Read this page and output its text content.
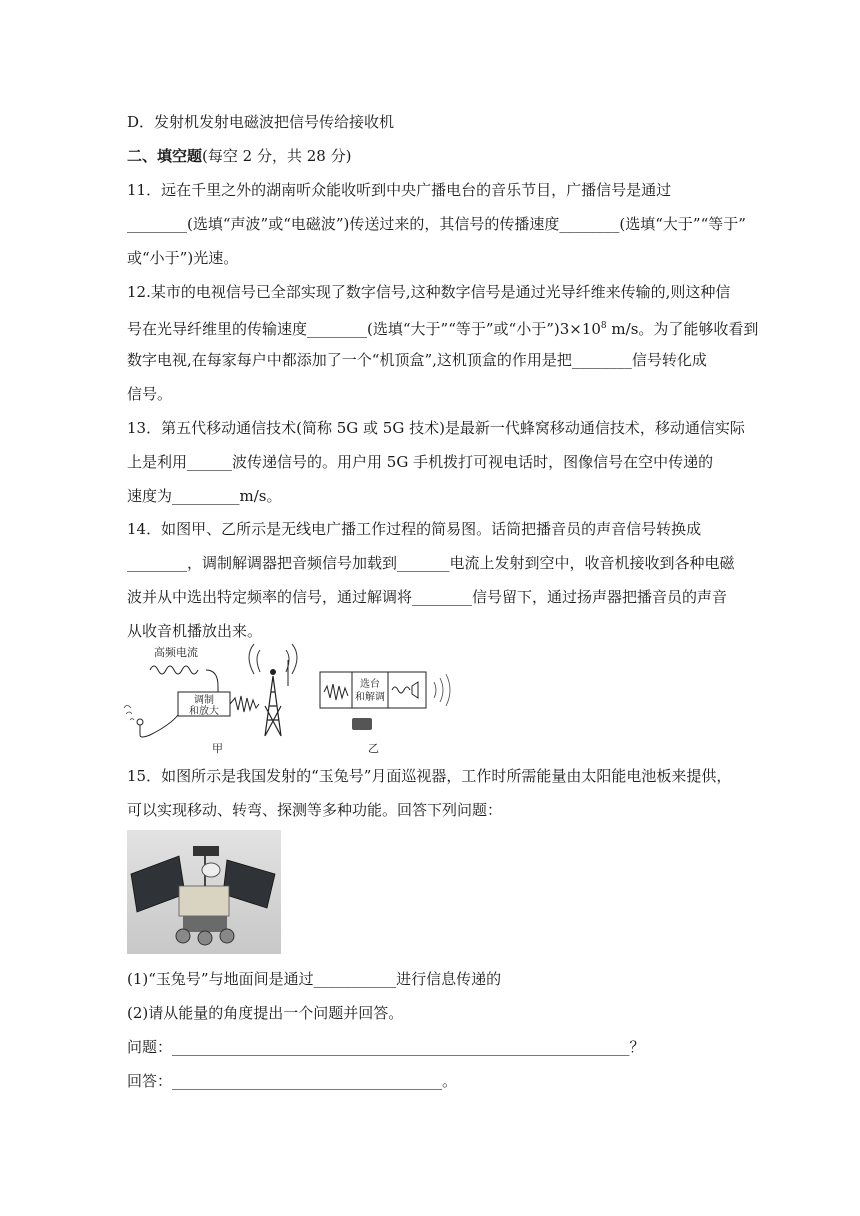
D．发射机发射电磁波把信号传给接收机
二、填空题(每空 2 分，共 28 分)
11．远在千里之外的湖南听众能收听到中央广播电台的音乐节目，广播信号是通过
________(选填“声波”或“电磁波”)传送过来的，其信号的传播速度________(选填“大于”“等于”
或“小于”)光速。
12.某市的电视信号已全部实现了数字信号,这种数字信号是通过光导纤维来传输的,则这种信
号在光导纤维里的传输速度________(选填“大于”“等于”或“小于$”)3\times 10^8$ m/s。为了能够收看到
数字电视,在每家每户中都添加了一个“机顶盒”,这机顶盒的作用是把________信号转化成
信号。
13．第五代移动通信技术(简称 5G 或 5G 技术)是最新一代蜂窝移动通信技术，移动通信实际
上是利用______波传递信号的。用户用 5G 手机拨打可视电话时，图像信号在空中传递的
速度为_________m/s。
14．如图甲、乙所示是无线电广播工作过程的简易图。话筒把播音员的声音信号转换成
________，调制解调器把音频信号加载到_______电流上发射到空中，收音机接收到各种电磁
波并从中选出特定频率的信号，通过解调将________信号留下，通过扬声器把播音员的声音
从收音机播放出来。
高频电流
调制
和放大
甲
选台
和解调
乙
15．如图所示是我国发射的“玉兔号”月面巡视器，工作时所需能量由太阳能电池板来提供，
可以实现移动、转弯、探测等多种功能。回答下列问题：
(1)“玉兔号”与地面间是通过___________进行信息传递的
(2)请从能量的角度提出一个问题并回答。
问题：_____________________________________________________________？
回答：____________________________________。
